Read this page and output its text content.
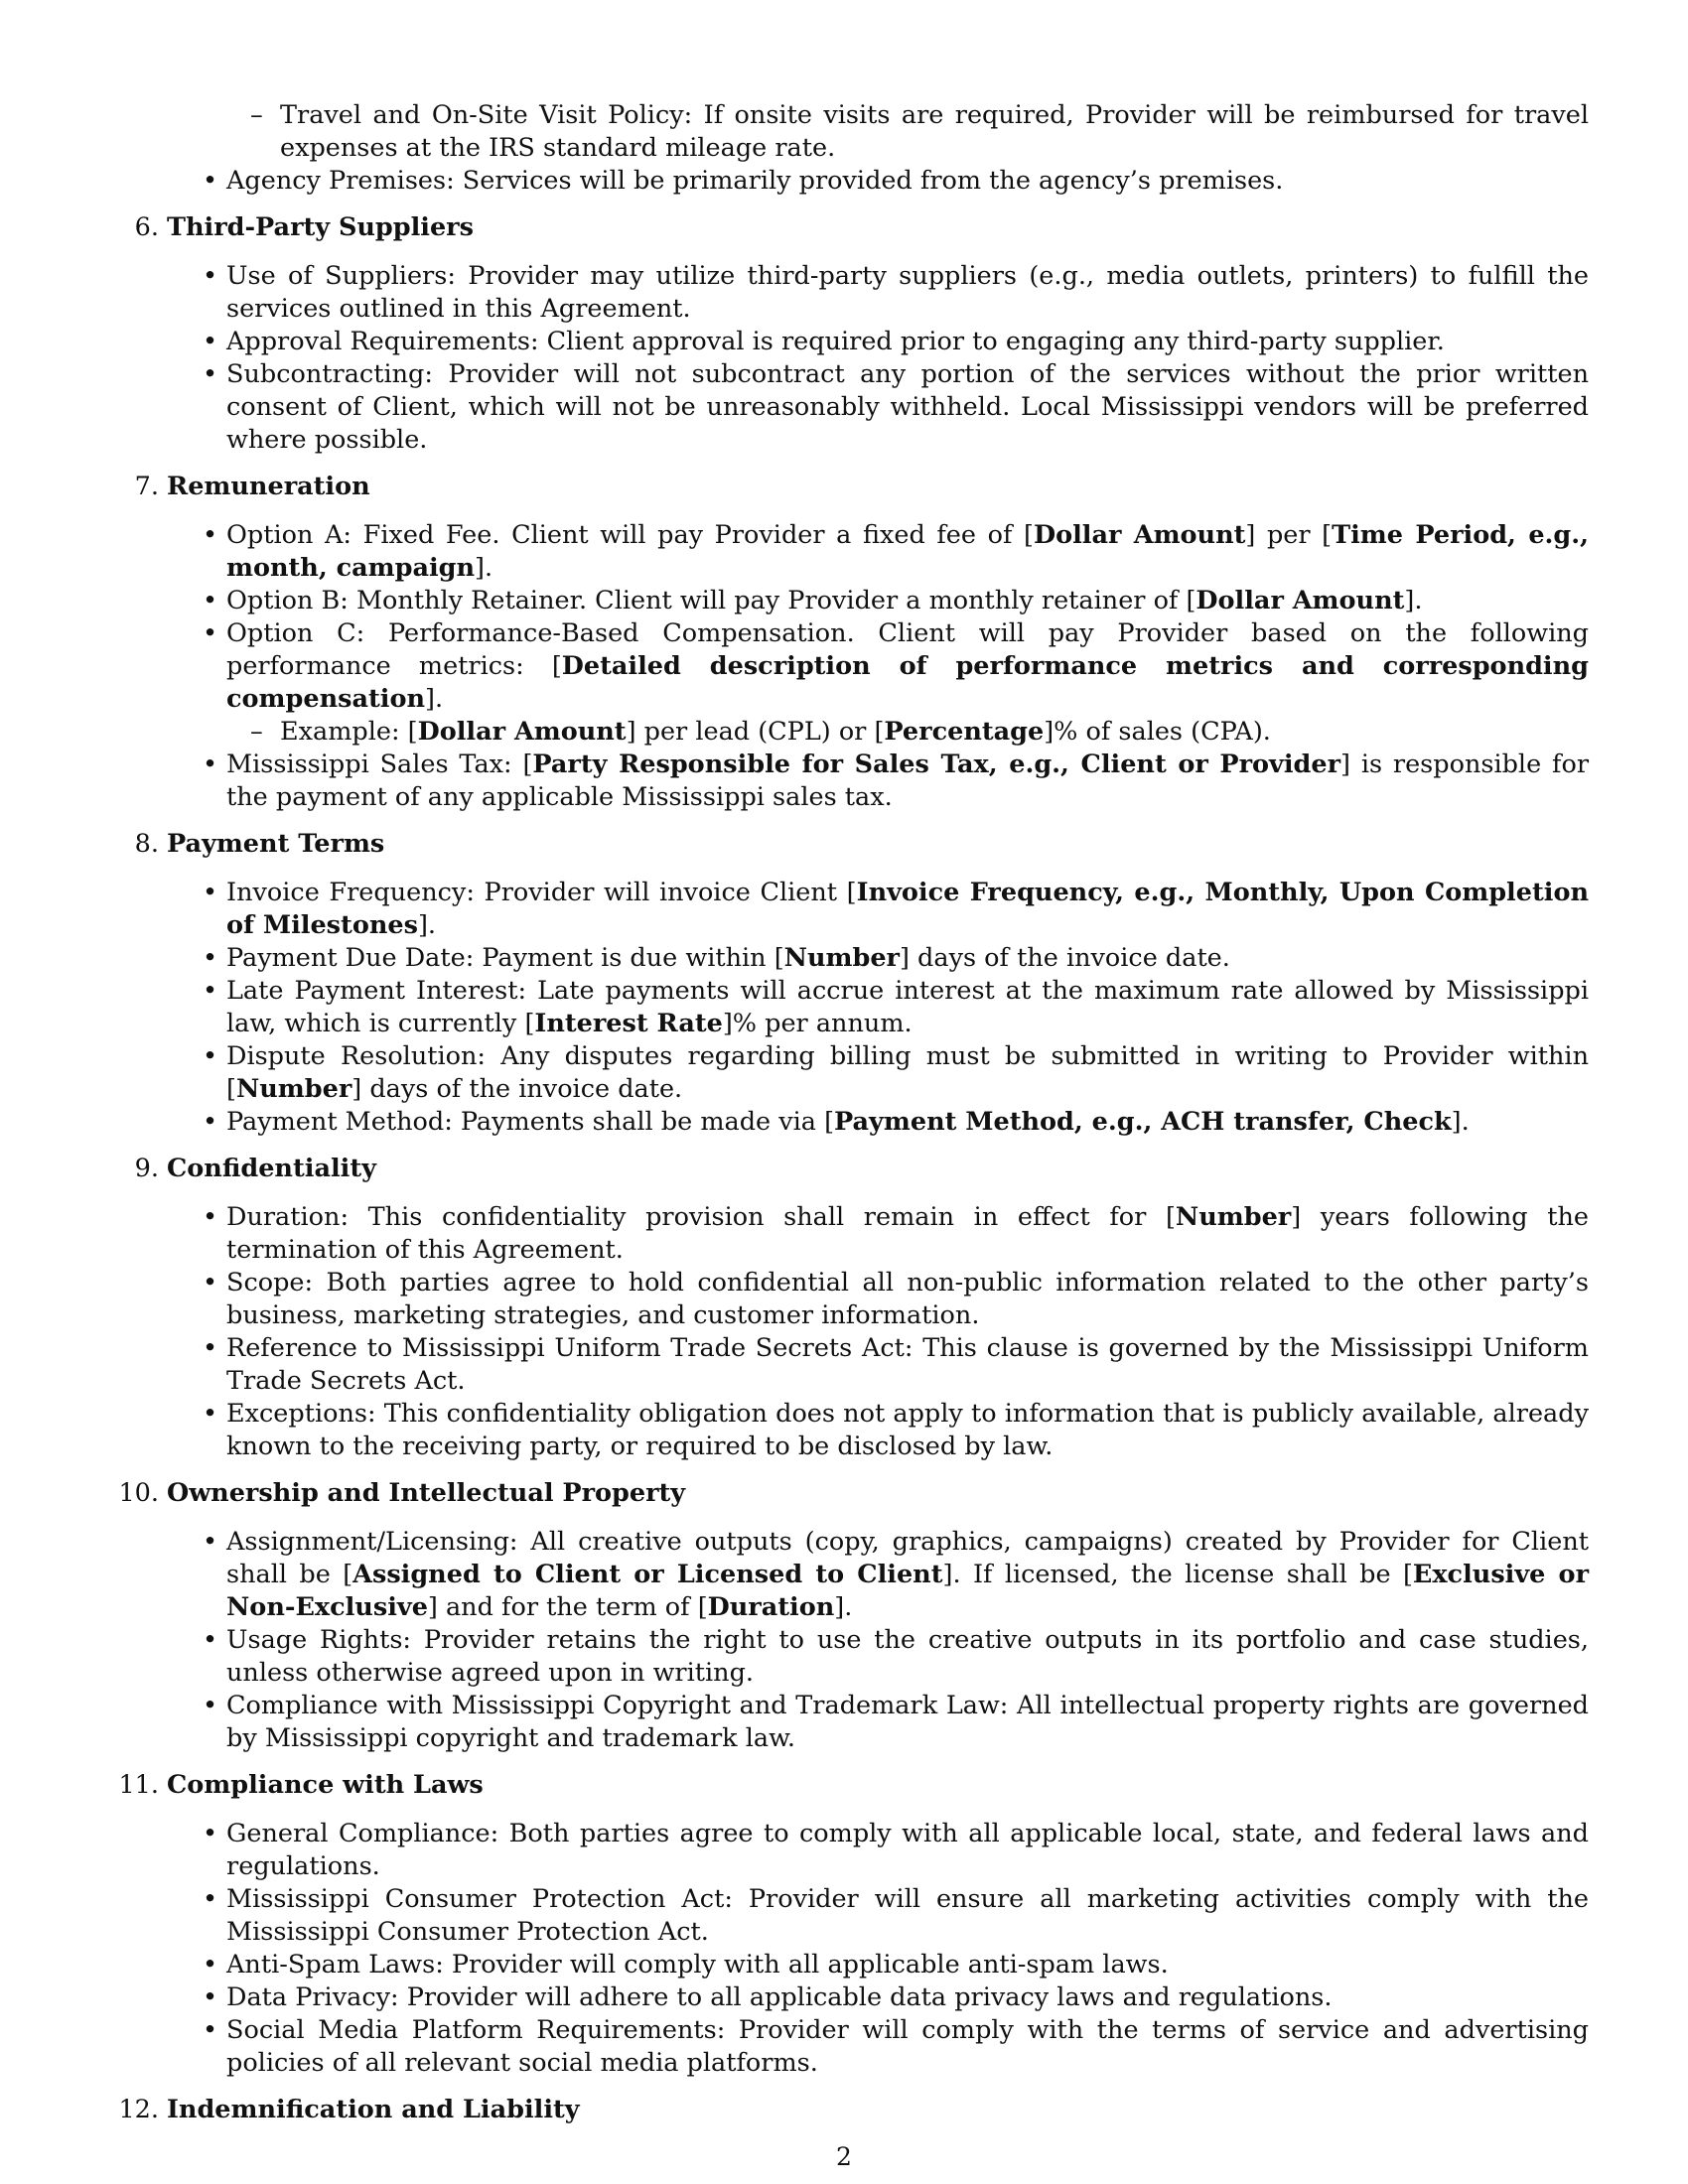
– Travel and On-Site Visit Policy: If onsite visits are required, Provider will be reimbursed for travel expenses at the IRS standard mileage rate.
• Agency Premises: Services will be primarily provided from the agency’s premises.
6. Third-Party Suppliers
• Use of Suppliers: Provider may utilize third-party suppliers (e.g., media outlets, printers) to fulfill the services outlined in this Agreement.
• Approval Requirements: Client approval is required prior to engaging any third-party supplier.
• Subcontracting: Provider will not subcontract any portion of the services without the prior written consent of Client, which will not be unreasonably withheld. Local Mississippi vendors will be preferred where possible.
7. Remuneration
• Option A: Fixed Fee. Client will pay Provider a fixed fee of [Dollar Amount] per [Time Period, e.g., month, campaign].
• Option B: Monthly Retainer. Client will pay Provider a monthly retainer of [Dollar Amount].
• Option C: Performance-Based Compensation. Client will pay Provider based on the following performance metrics: [Detailed description of performance metrics and corresponding compensation].
– Example: [Dollar Amount] per lead (CPL) or [Percentage]% of sales (CPA).
• Mississippi Sales Tax: [Party Responsible for Sales Tax, e.g., Client or Provider] is responsible for the payment of any applicable Mississippi sales tax.
8. Payment Terms
• Invoice Frequency: Provider will invoice Client [Invoice Frequency, e.g., Monthly, Upon Completion of Milestones].
• Payment Due Date: Payment is due within [Number] days of the invoice date.
• Late Payment Interest: Late payments will accrue interest at the maximum rate allowed by Mississippi law, which is currently [Interest Rate]% per annum.
• Dispute Resolution: Any disputes regarding billing must be submitted in writing to Provider within [Number] days of the invoice date.
• Payment Method: Payments shall be made via [Payment Method, e.g., ACH transfer, Check].
9. Confidentiality
• Duration: This confidentiality provision shall remain in effect for [Number] years following the termination of this Agreement.
• Scope: Both parties agree to hold confidential all non-public information related to the other party’s business, marketing strategies, and customer information.
• Reference to Mississippi Uniform Trade Secrets Act: This clause is governed by the Mississippi Uniform Trade Secrets Act.
• Exceptions: This confidentiality obligation does not apply to information that is publicly available, already known to the receiving party, or required to be disclosed by law.
10. Ownership and Intellectual Property
• Assignment/Licensing: All creative outputs (copy, graphics, campaigns) created by Provider for Client shall be [Assigned to Client or Licensed to Client]. If licensed, the license shall be [Exclusive or Non-Exclusive] and for the term of [Duration].
• Usage Rights: Provider retains the right to use the creative outputs in its portfolio and case studies, unless otherwise agreed upon in writing.
• Compliance with Mississippi Copyright and Trademark Law: All intellectual property rights are governed by Mississippi copyright and trademark law.
11. Compliance with Laws
• General Compliance: Both parties agree to comply with all applicable local, state, and federal laws and regulations.
• Mississippi Consumer Protection Act: Provider will ensure all marketing activities comply with the Mississippi Consumer Protection Act.
• Anti-Spam Laws: Provider will comply with all applicable anti-spam laws.
• Data Privacy: Provider will adhere to all applicable data privacy laws and regulations.
• Social Media Platform Requirements: Provider will comply with the terms of service and advertising policies of all relevant social media platforms.
12. Indemnification and Liability
2
